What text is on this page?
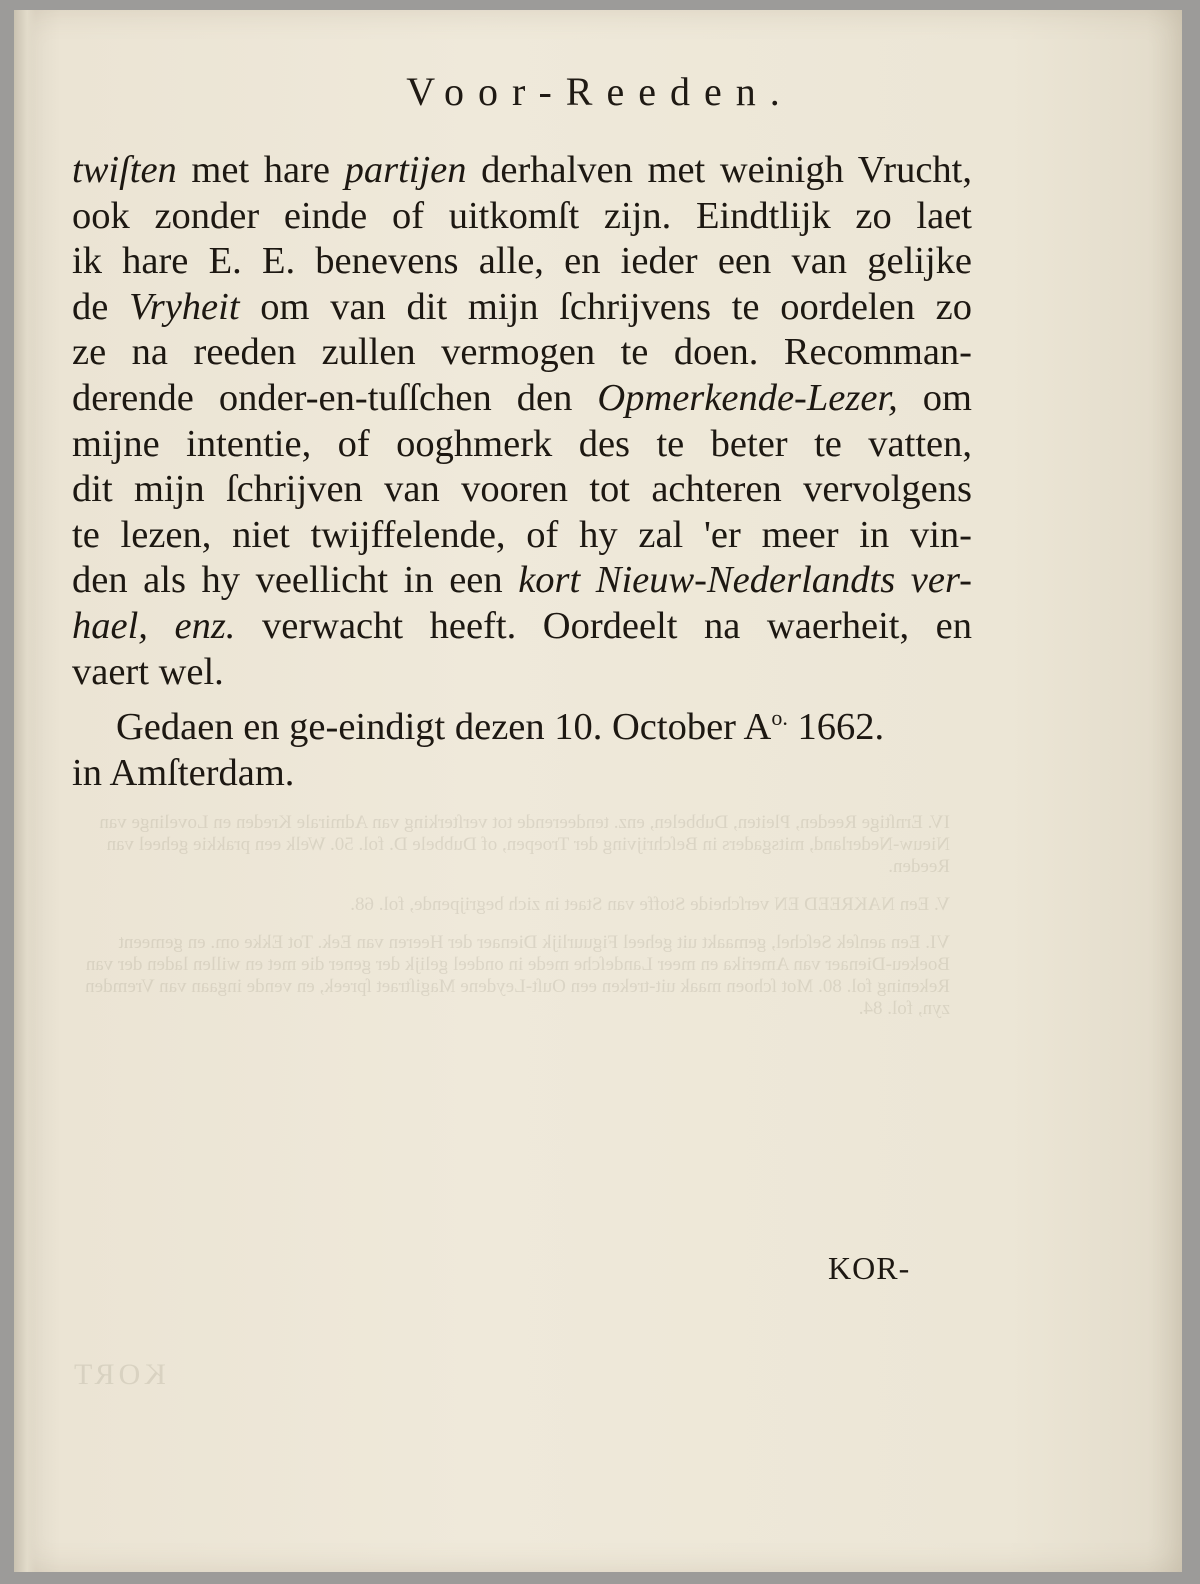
IV. Ernſtige Reeden, Pleiten, Dubbelen, enz. tendeerende tot verſterking van Admirale Kreden en Lovelinge van Nieuw-Nederland, mitsgaders in Beſchrijving der Troepen, of Dubbele D. fol. 50. Welk een prakkie geheel van Reeden.

V. Een NAKREED EN verſcheide Stoffe van Staet in zich begrijpende, fol. 68.

VI. Een aenſek Seſchel, gemaakt uit geheel Figuurlijk Dienaer der Heeren van Eek. Tot Ekke om. en gemeent Boekeu-Dienaer van Amerika en meer Landeſche mede in ondeel gelijk der gener die met en willen laden der van Rekening fol. 80. Mot ſchoen maak uit-treken een Ouſt-Leydene Magiſtraet ſpreek, en vende ingaan van Vremden zyn, fol. 84.

KORT
Voor-Reeden.
twiſten met hare partijen derhalven met weinigh Vrucht,
ook zonder einde of uitkomſt zijn. Eindtlijk zo laet
ik hare E. E. benevens alle, en ieder een van gelijke
de Vryheit om van dit mijn ſchrijvens te oordelen zo
ze na reeden zullen vermogen te doen. Recomman-
derende onder-en-tuſſchen den Opmerkende-Lezer, om
mijne intentie, of ooghmerk des te beter te vatten,
dit mijn ſchrijven van vooren tot achteren vervolgens
te lezen, niet twijffelende, of hy zal 'er meer in vin-
den als hy veellicht in een kort Nieuw-Nederlandts ver-
hael, enz. verwacht heeft. Oordeelt na waerheit, en
vaert wel.
Gedaen en ge-eindigt dezen 10. October $A^{o.}$ 1662.
in Amſterdam.
KOR-
